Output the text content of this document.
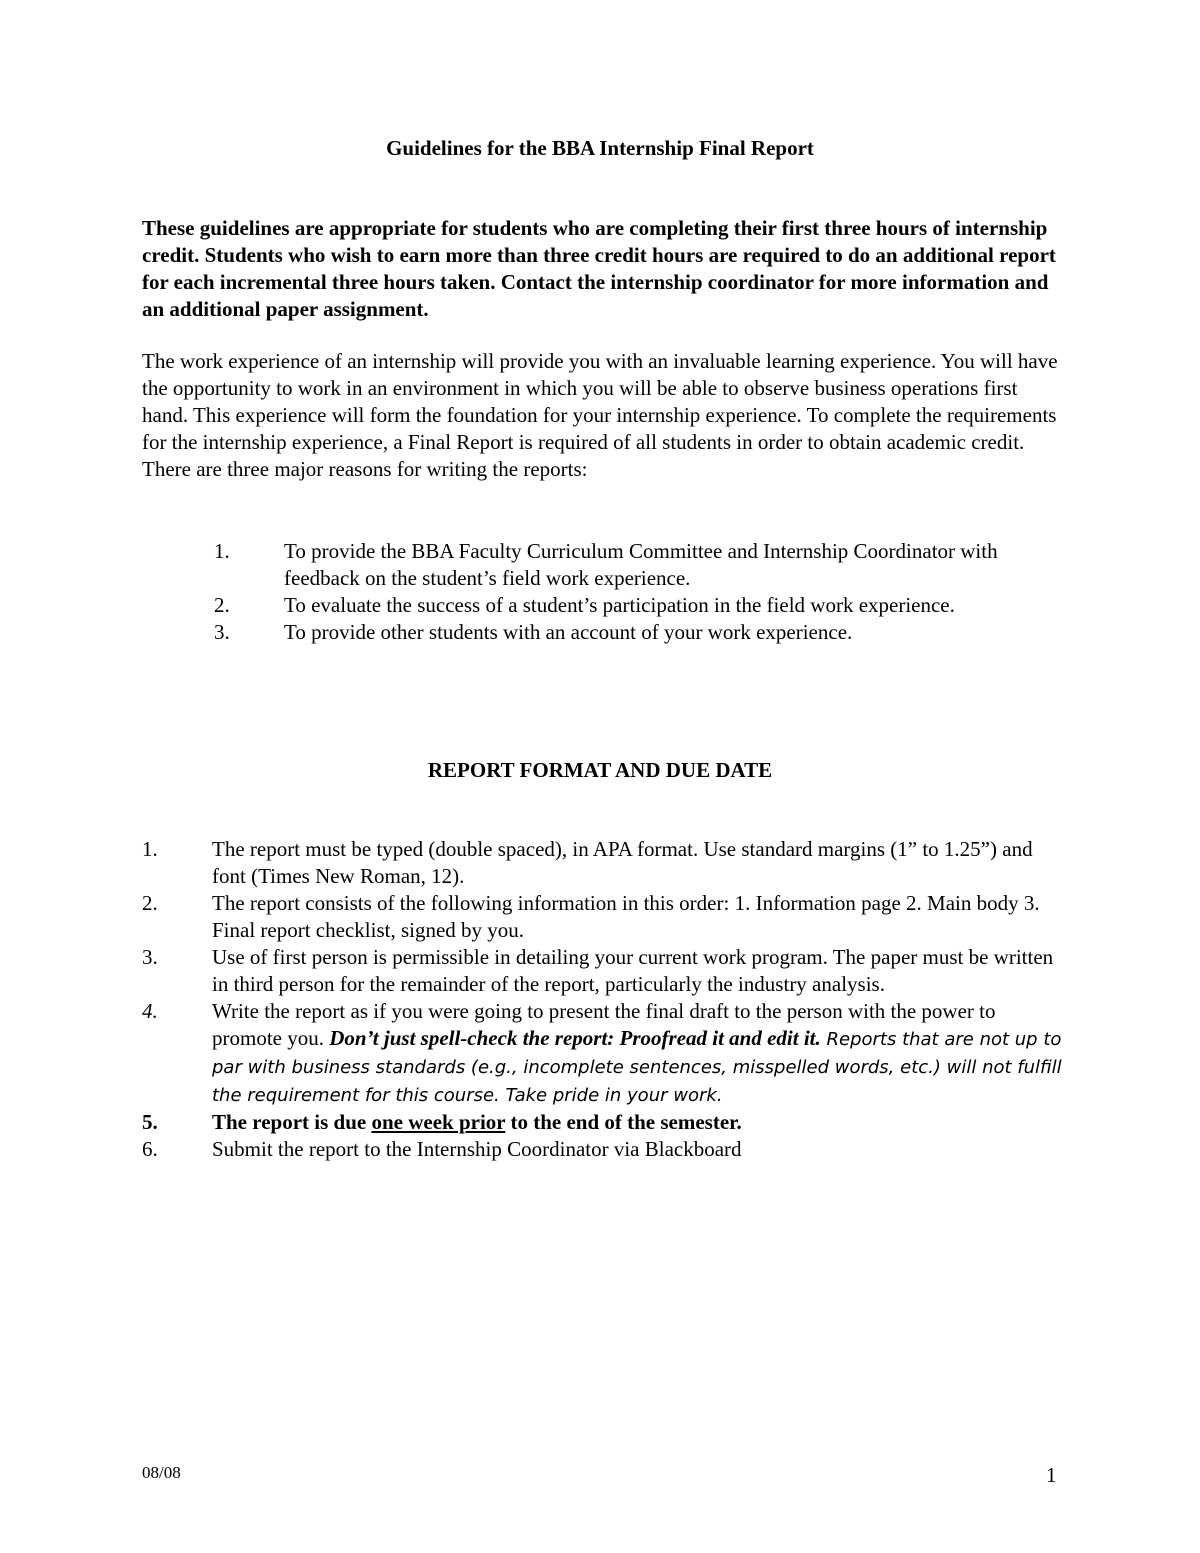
Guidelines for the BBA Internship Final Report
These guidelines are appropriate for students who are completing their first three hours of internship credit. Students who wish to earn more than three credit hours are required to do an additional report for each incremental three hours taken. Contact the internship coordinator for more information and an additional paper assignment.
The work experience of an internship will provide you with an invaluable learning experience. You will have the opportunity to work in an environment in which you will be able to observe business operations first hand. This experience will form the foundation for your internship experience. To complete the requirements for the internship experience, a Final Report is required of all students in order to obtain academic credit. There are three major reasons for writing the reports:
1.	To provide the BBA Faculty Curriculum Committee and Internship Coordinator with feedback on the student’s field work experience.
2.	To evaluate the success of a student’s participation in the field work experience.
3.	To provide other students with an account of your work experience.
REPORT FORMAT AND DUE DATE
1.	The report must be typed (double spaced), in APA format. Use standard margins (1” to 1.25”) and font (Times New Roman, 12).
2.	The report consists of the following information in this order: 1. Information page 2. Main body 3. Final report checklist, signed by you.
3.	Use of first person is permissible in detailing your current work program. The paper must be written in third person for the remainder of the report, particularly the industry analysis.
4.	Write the report as if you were going to present the final draft to the person with the power to promote you. Don’t just spell-check the report: Proofread it and edit it. Reports that are not up to par with business standards (e.g., incomplete sentences, misspelled words, etc.) will not fulfill the requirement for this course. Take pride in your work.
5.	The report is due one week prior to the end of the semester.
6.	Submit the report to the Internship Coordinator via Blackboard
08/08	1
